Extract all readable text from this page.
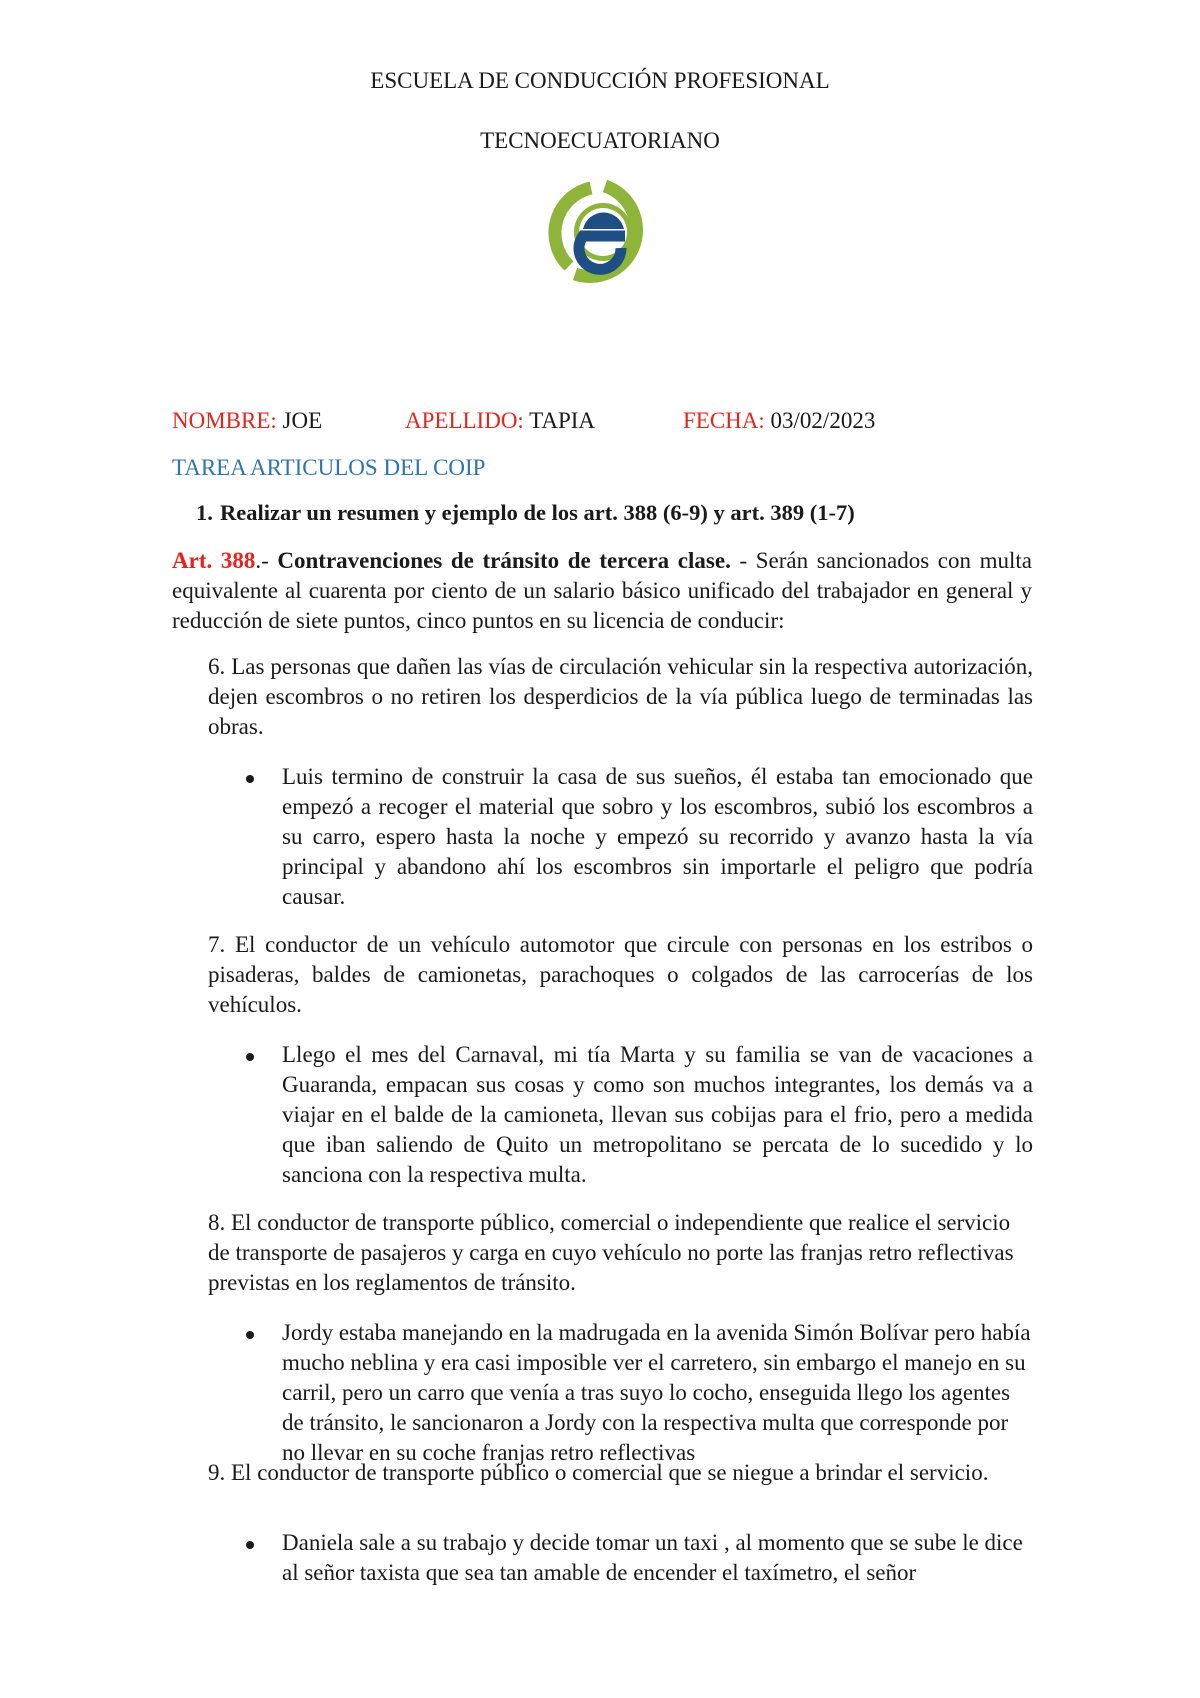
ESCUELA DE CONDUCCIÓN PROFESIONAL
TECNOECUATORIANO
NOMBRE: JOE	APELLIDO: TAPIA	FECHA: 03/02/2023
TAREA ARTICULOS DEL COIP
1. Realizar un resumen y ejemplo de los art. 388 (6-9) y art. 389 (1-7)

Art. 388.- Contravenciones de tránsito de tercera clase. - Serán sancionados con multa equivalente al cuarenta por ciento de un salario básico unificado del trabajador en general y reducción de siete puntos, cinco puntos en su licencia de conducir:

6. Las personas que dañen las vías de circulación vehicular sin la respectiva autorización, dejen escombros o no retiren los desperdicios de la vía pública luego de terminadas las obras.

Luis termino de construir la casa de sus sueños, él estaba tan emocionado que empezó a recoger el material que sobro y los escombros, subió los escombros a su carro, espero hasta la noche y empezó su recorrido y avanzo hasta la vía principal y abandono ahí los escombros sin importarle el peligro que podría causar.

7. El conductor de un vehículo automotor que circule con personas en los estribos o pisaderas, baldes de camionetas, parachoques o colgados de las carrocerías de los vehículos.

Llego el mes del Carnaval, mi tía Marta y su familia se van de vacaciones a Guaranda, empacan sus cosas y como son muchos integrantes, los demás va a viajar en el balde de la camioneta, llevan sus cobijas para el frio, pero a medida que iban saliendo de Quito un metropolitano se percata de lo sucedido y lo sanciona con la respectiva multa.

8. El conductor de transporte público, comercial o independiente que realice el servicio de transporte de pasajeros y carga en cuyo vehículo no porte las franjas retro reflectivas previstas en los reglamentos de tránsito.

Jordy estaba manejando en la madrugada en la avenida Simón Bolívar pero había mucho neblina y era casi imposible ver el carretero, sin embargo el manejo en su carril, pero un carro que venía a tras suyo lo cocho, enseguida llego los agentes de tránsito, le sancionaron a Jordy con la respectiva multa que corresponde por no llevar en su coche franjas retro reflectivas

9. El conductor de transporte público o comercial que se niegue a brindar el servicio.

Daniela sale a su trabajo y decide tomar un taxi , al momento que se sube le dice al señor taxista que sea tan amable de encender el taxímetro, el señor
